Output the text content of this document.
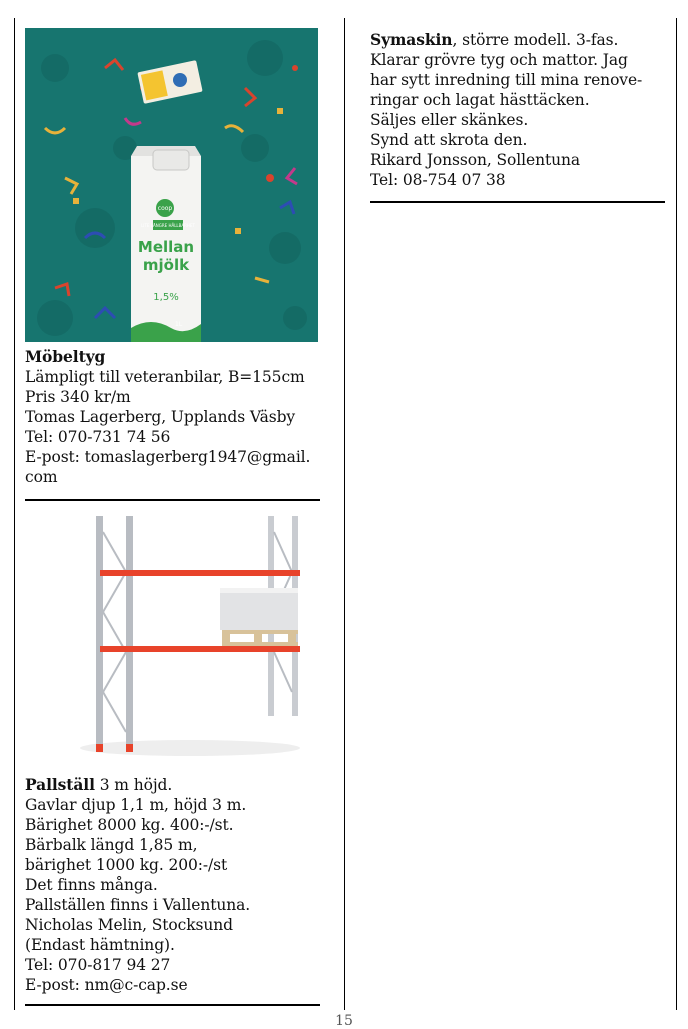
coop
LITE LÄNGRE HÅLLBARHET
Mellan
mjölk
1,5%
1L
Möbeltyg
Lämpligt till veteranbilar, B=155cm
Pris 340 kr/m
Tomas Lagerberg, Upplands Väsby
Tel: 070-731 74 56
E-post: tomaslagerberg1947@gmail.
com
Pallställ 3 m höjd.
Gavlar djup 1,1 m, höjd 3 m.
Bärighet 8000 kg. 400:-/st.
Bärbalk längd 1,85 m,
bärighet 1000 kg. 200:-/st
Det finns många.
Pallställen finns i Vallentuna.
Nicholas Melin, Stocksund
(Endast hämtning).
Tel: 070-817 94 27
E-post: nm@c-cap.se
Symaskin, större modell. 3-fas.
Klarar grövre tyg och mattor. Jag
har sytt inredning till mina renove-
ringar och lagat hästtäcken.
Säljes eller skänkes.
Synd att skrota den.
Rikard Jonsson, Sollentuna
Tel: 08-754 07 38
15
